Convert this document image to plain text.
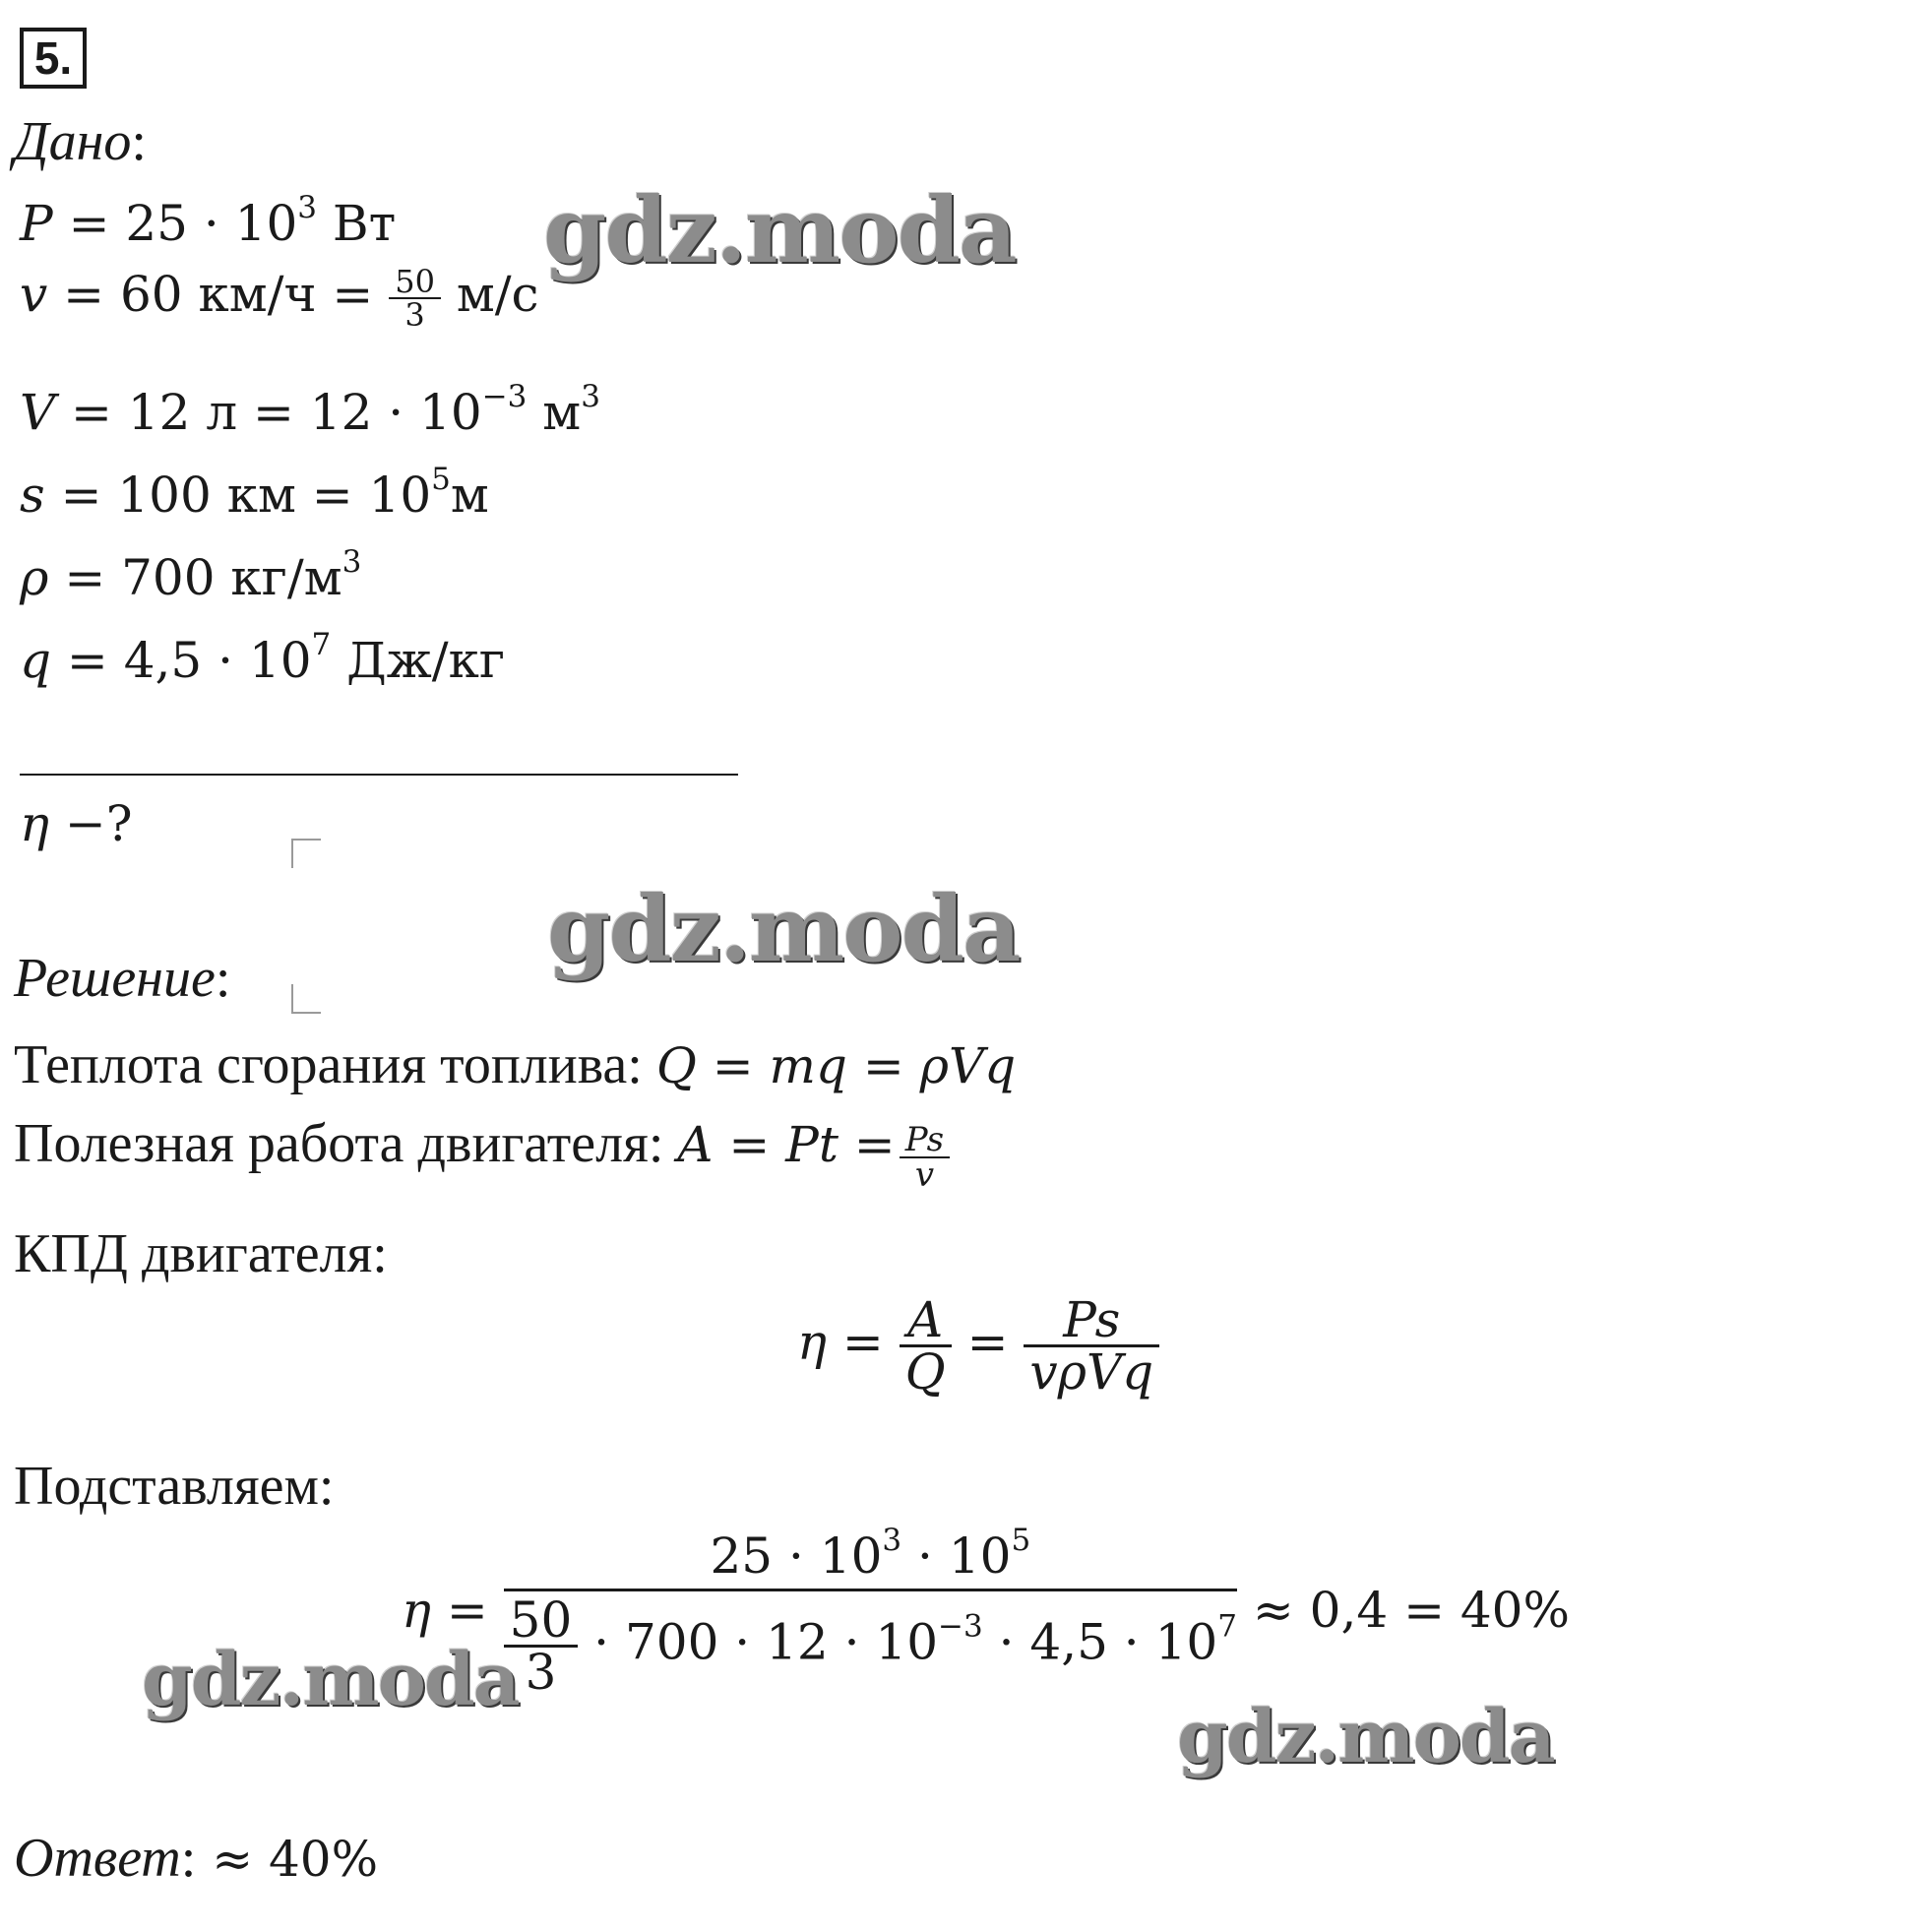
5.
Дано:
$P = 25 \cdot 10^3$ Вт
v = 60 $км/ч = \frac{50}{3} м/с$
V = 12 $л = 12 \cdot 10^{-3}$ $м^3$
s = 100 км = $10^5м$
ρ = 700 $кг/м^3$
$q = 4,5 \cdot 10^7$ Дж/кг
η −?
Решение:
Теплота сгорания топлива: Q = mq = ρVq
Полезная работа двигателя: $A = Pt = \frac{Ps}{v}$
КПД двигателя:
$\eta = \frac{A}{Q} = \frac{Ps}{\text{vρVq}}$
Подставляем:
$\eta = \frac{25 \cdot 10^3 \cdot 10^5}{\frac{50}{3} \cdot 700 \cdot 12 \cdot 10^{-3} \cdot 4,5 \cdot 10^7} \approx 0,4 = 40\%$
Ответ: ≈ 40%
gdz.moda
gdz.moda
gdz.moda
gdz.moda
